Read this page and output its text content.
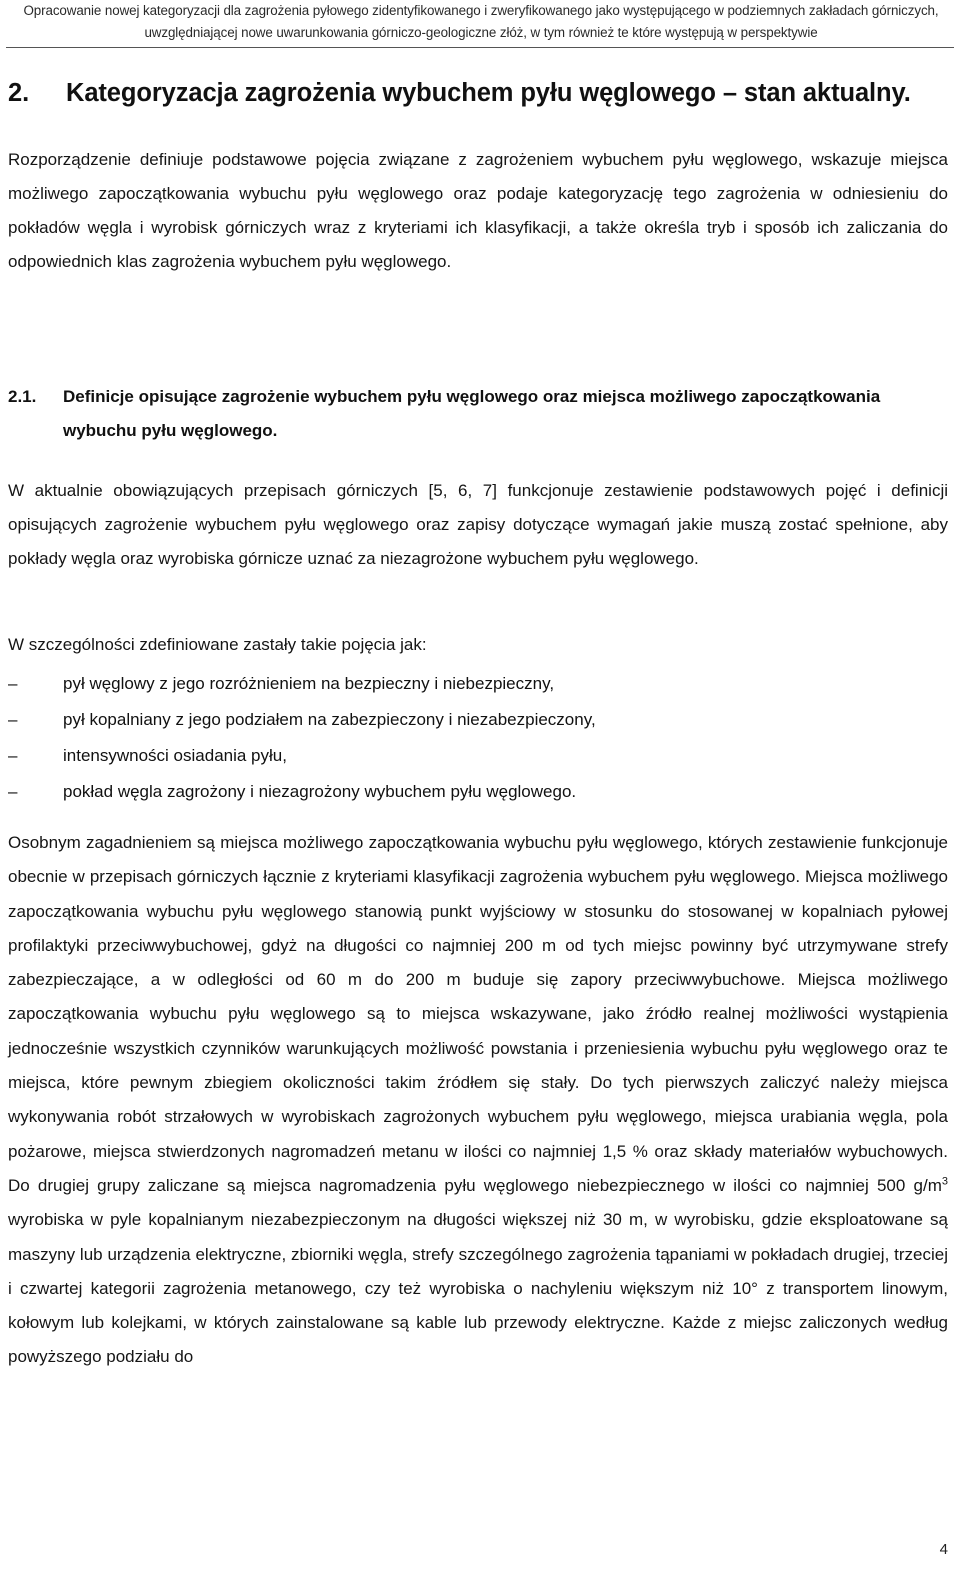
Opracowanie nowej kategoryzacji dla zagrożenia pyłowego zidentyfikowanego i zweryfikowanego jako występującego w podziemnych zakładach górniczych, uwzględniającej nowe uwarunkowania górniczo-geologiczne złóż, w tym również te które występują w perspektywie
2. Kategoryzacja zagrożenia wybuchem pyłu węglowego – stan aktualny.
Rozporządzenie definiuje podstawowe pojęcia związane z zagrożeniem wybuchem pyłu węglowego, wskazuje miejsca możliwego zapoczątkowania wybuchu pyłu węglowego oraz podaje kategoryzację tego zagrożenia w odniesieniu do pokładów węgla i wyrobisk górniczych wraz z kryteriami ich klasyfikacji, a także określa tryb i sposób ich zaliczania do odpowiednich klas zagrożenia wybuchem pyłu węglowego.
2.1. Definicje opisujące zagrożenie wybuchem pyłu węglowego oraz miejsca możliwego zapoczątkowania wybuchu pyłu węglowego.
W aktualnie obowiązujących przepisach górniczych [5, 6, 7] funkcjonuje zestawienie podstawowych pojęć i definicji opisujących zagrożenie wybuchem pyłu węglowego oraz zapisy dotyczące wymagań jakie muszą zostać spełnione, aby pokłady węgla oraz wyrobiska górnicze uznać za niezagrożone wybuchem pyłu węglowego.
W szczególności zdefiniowane zastały takie pojęcia jak:
–	pył węglowy z jego rozróżnieniem na bezpieczny i niebezpieczny,
–	pył kopalniany z jego podziałem na zabezpieczony i niezabezpieczony,
–	intensywności osiadania pyłu,
–	pokład węgla zagrożony i niezagrożony wybuchem pyłu węglowego.
Osobnym zagadnieniem są miejsca możliwego zapoczątkowania wybuchu pyłu węglowego, których zestawienie funkcjonuje obecnie w przepisach górniczych łącznie z kryteriami klasyfikacji zagrożenia wybuchem pyłu węglowego. Miejsca możliwego zapoczątkowania wybuchu pyłu węglowego stanowią punkt wyjściowy w stosunku do stosowanej w kopalniach pyłowej profilaktyki przeciwwybuchowej, gdyż na długości co najmniej 200 m od tych miejsc powinny być utrzymywane strefy zabezpieczające, a w odległości od 60 m do 200 m buduje się zapory przeciwwybuchowe. Miejsca możliwego zapoczątkowania wybuchu pyłu węglowego są to miejsca wskazywane, jako źródło realnej możliwości wystąpienia jednocześnie wszystkich czynników warunkujących możliwość powstania i przeniesienia wybuchu pyłu węglowego oraz te miejsca, które pewnym zbiegiem okoliczności takim źródłem się stały. Do tych pierwszych zaliczyć należy miejsca wykonywania robót strzałowych w wyrobiskach zagrożonych wybuchem pyłu węglowego, miejsca urabiania węgla, pola pożarowe, miejsca stwierdzonych nagromadzeń metanu w ilości co najmniej 1,5 % oraz składy materiałów wybuchowych. Do drugiej grupy zaliczane są miejsca nagromadzenia pyłu węglowego niebezpiecznego w ilości co najmniej 500 $g/m^3$ wyrobiska w pyle kopalnianym niezabezpieczonym na długości większej niż 30 m, w wyrobisku, gdzie eksploatowane są maszyny lub urządzenia elektryczne, zbiorniki węgla, strefy szczególnego zagrożenia tąpaniami w pokładach drugiej, trzeciej i czwartej kategorii zagrożenia metanowego, czy też wyrobiska o nachyleniu większym niż 10° z transportem linowym, kołowym lub kolejkami, w których zainstalowane są kable lub przewody elektryczne. Każde z miejsc zaliczonych według powyższego podziału do
4
